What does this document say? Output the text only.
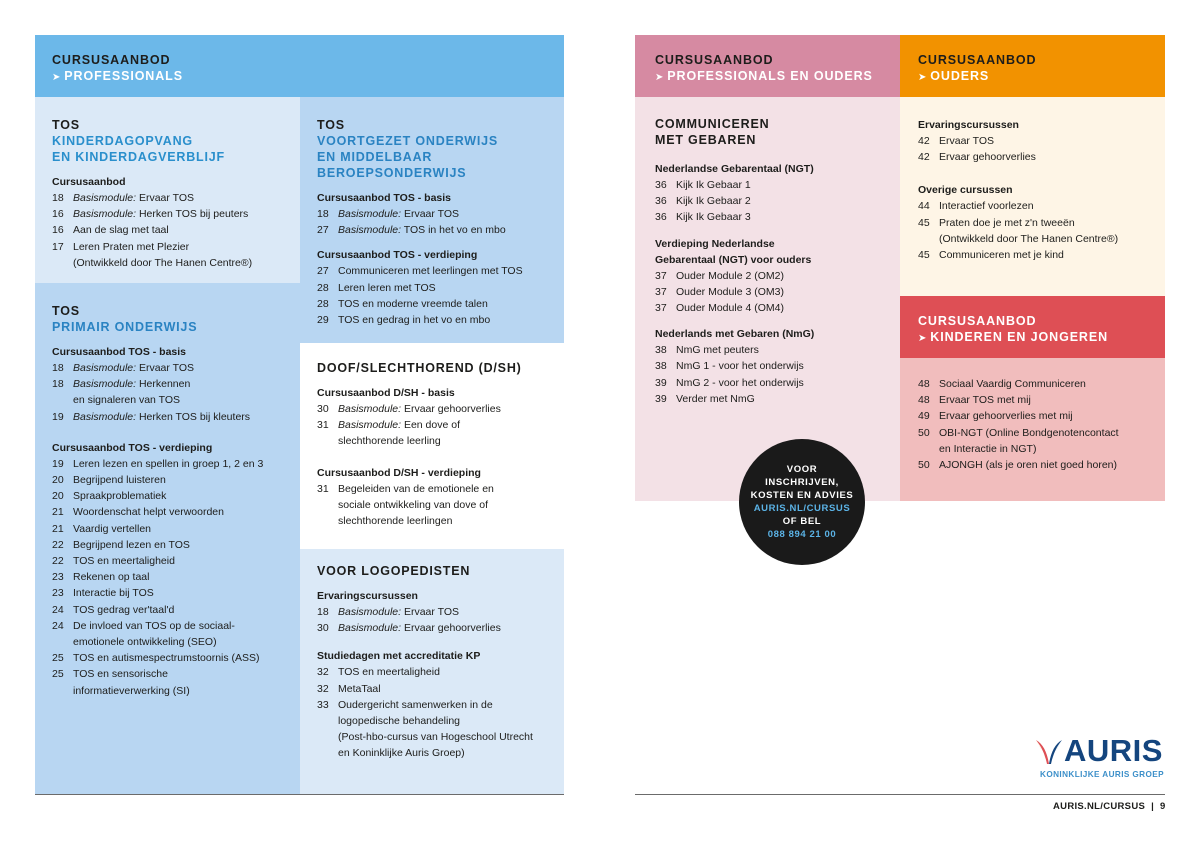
CURSUSAANBOD
➤ PROFESSIONALS
TOS
KINDERDAGOPVANG
EN KINDERDAGVERBLIJF
Cursusaanbod
18 Basismodule: Ervaar TOS
16 Basismodule: Herken TOS bij peuters
16 Aan de slag met taal
17 Leren Praten met Plezier
(Ontwikkeld door The Hanen Centre®)
TOS
PRIMAIR ONDERWIJS
Cursusaanbod TOS - basis
18 Basismodule: Ervaar TOS
18 Basismodule: Herkennen
en signaleren van TOS
19 Basismodule: Herken TOS bij kleuters
Cursusaanbod TOS - verdieping
19 Leren lezen en spellen in groep 1, 2 en 3
20 Begrijpend luisteren
20 Spraakproblematiek
21 Woordenschat helpt verwoorden
21 Vaardig vertellen
22 Begrijpend lezen en TOS
22 TOS en meertaligheid
23 Rekenen op taal
23 Interactie bij TOS
24 TOS gedrag ver'taal'd
24 De invloed van TOS op de sociaal-
emotionele ontwikkeling (SEO)
25 TOS en autismespectrumstoornis (ASS)
25 TOS en sensorische
informatieverwerking (SI)
TOS
VOORTGEZET ONDERWIJS
EN MIDDELBAAR
BEROEPSONDERWIJS
Cursusaanbod TOS - basis
18 Basismodule: Ervaar TOS
27 Basismodule: TOS in het vo en mbo
Cursusaanbod TOS - verdieping
27 Communiceren met leerlingen met TOS
28 Leren leren met TOS
28 TOS en moderne vreemde talen
29 TOS en gedrag in het vo en mbo
DOOF/SLECHTHOREND (D/SH)
Cursusaanbod D/SH - basis
30 Basismodule: Ervaar gehoorverlies
31 Basismodule: Een dove of
slechthorende leerling
Cursusaanbod D/SH - verdieping
31 Begeleiden van de emotionele en
sociale ontwikkeling van dove of
slechthorende leerlingen
VOOR LOGOPEDISTEN
Ervaringscursussen
18 Basismodule: Ervaar TOS
30 Basismodule: Ervaar gehoorverlies
Studiedagen met accreditatie KP
32 TOS en meertaligheid
32 MetaTaal
33 Oudergericht samenwerken in de
logopedische behandeling
(Post-hbo-cursus van Hogeschool Utrecht
en Koninklijke Auris Groep)
CURSUSAANBOD
➤ PROFESSIONALS EN OUDERS
COMMUNICEREN
MET GEBAREN
Nederlandse Gebarentaal (NGT)
36 Kijk Ik Gebaar 1
36 Kijk Ik Gebaar 2
36 Kijk Ik Gebaar 3
Verdieping Nederlandse
Gebarentaal (NGT) voor ouders
37 Ouder Module 2 (OM2)
37 Ouder Module 3 (OM3)
37 Ouder Module 4 (OM4)
Nederlands met Gebaren (NmG)
38 NmG met peuters
38 NmG 1 - voor het onderwijs
39 NmG 2 - voor het onderwijs
39 Verder met NmG
CURSUSAANBOD
➤ OUDERS
Ervaringscursussen
42 Ervaar TOS
42 Ervaar gehoorverlies
Overige cursussen
44 Interactief voorlezen
45 Praten doe je met z'n tweeën
(Ontwikkeld door The Hanen Centre®)
45 Communiceren met je kind
CURSUSAANBOD
➤ KINDEREN EN JONGEREN
48 Sociaal Vaardig Communiceren
48 Ervaar TOS met mij
49 Ervaar gehoorverlies met mij
50 OBI-NGT (Online Bondgenotencontact
en Interactie in NGT)
50 AJONGH (als je oren niet goed horen)
VOOR
INSCHRIJVEN,
KOSTEN EN ADVIES
AURIS.NL/CURSUS
OF BEL
088 894 21 00
AURIS
KONINKLIJKE AURIS GROEP
AURIS.NL/CURSUS | 9
